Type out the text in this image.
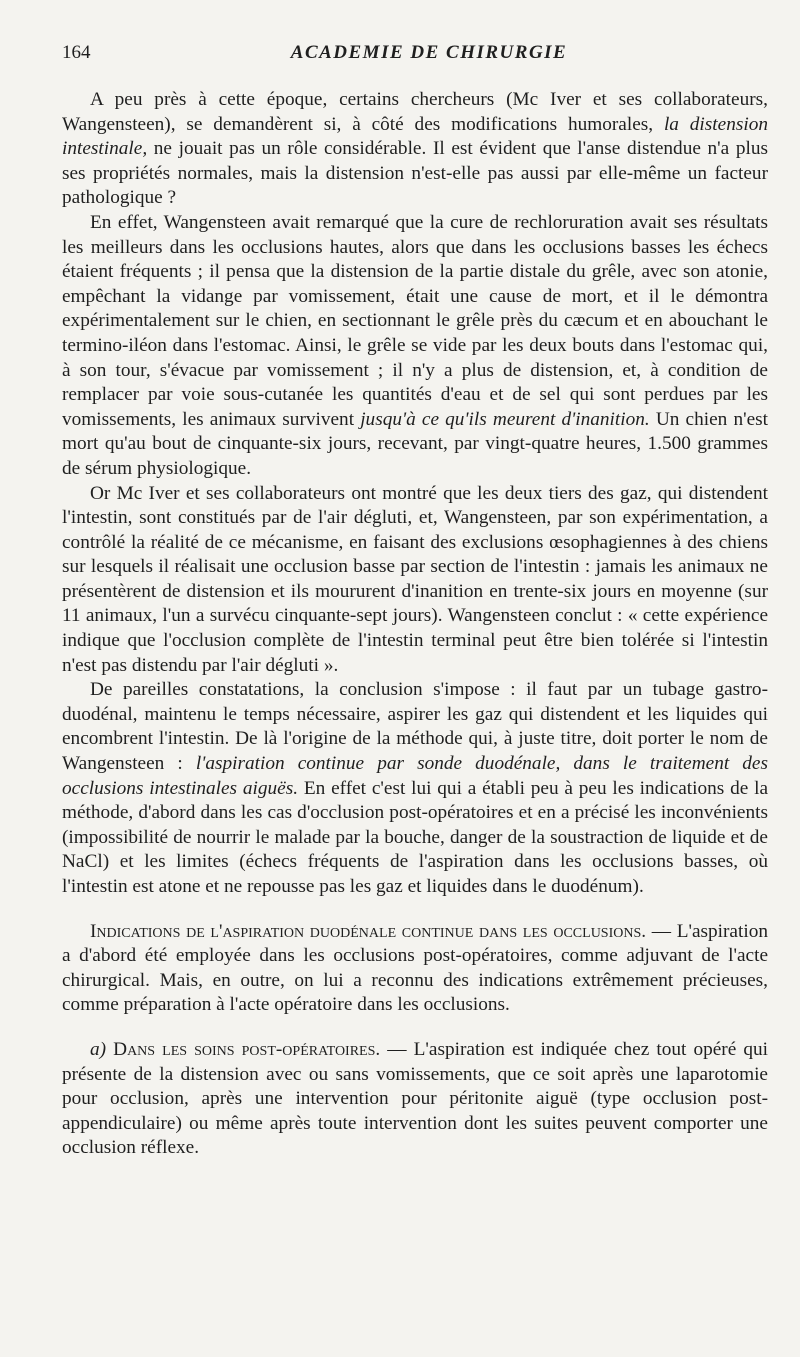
164	ACADEMIE DE CHIRURGIE

A peu près à cette époque, certains chercheurs (Mc Iver et ses collaborateurs, Wangensteen), se demandèrent si, à côté des modifications humorales, la distension intestinale, ne jouait pas un rôle considérable. Il est évident que l'anse distendue n'a plus ses propriétés normales, mais la distension n'est-elle pas aussi par elle-même un facteur pathologique ?

En effet, Wangensteen avait remarqué que la cure de rechloruration avait ses résultats les meilleurs dans les occlusions hautes, alors que dans les occlusions basses les échecs étaient fréquents ; il pensa que la distension de la partie distale du grêle, avec son atonie, empêchant la vidange par vomissement, était une cause de mort, et il le démontra expérimentalement sur le chien, en sectionnant le grêle près du cæcum et en abouchant le termino-iléon dans l'estomac. Ainsi, le grêle se vide par les deux bouts dans l'estomac qui, à son tour, s'évacue par vomissement ; il n'y a plus de distension, et, à condition de remplacer par voie sous-cutanée les quantités d'eau et de sel qui sont perdues par les vomissements, les animaux survivent jusqu'à ce qu'ils meurent d'inanition. Un chien n'est mort qu'au bout de cinquante-six jours, recevant, par vingt-quatre heures, 1.500 grammes de sérum physiologique.

Or Mc Iver et ses collaborateurs ont montré que les deux tiers des gaz, qui distendent l'intestin, sont constitués par de l'air dégluti, et, Wangensteen, par son expérimentation, a contrôlé la réalité de ce mécanisme, en faisant des exclusions œsophagiennes à des chiens sur lesquels il réalisait une occlusion basse par section de l'intestin : jamais les animaux ne présentèrent de distension et ils moururent d'inanition en trente-six jours en moyenne (sur 11 animaux, l'un a survécu cinquante-sept jours). Wangensteen conclut : « cette expérience indique que l'occlusion complète de l'intestin terminal peut être bien tolérée si l'intestin n'est pas distendu par l'air dégluti ».

De pareilles constatations, la conclusion s'impose : il faut par un tubage gastro-duodénal, maintenu le temps nécessaire, aspirer les gaz qui distendent et les liquides qui encombrent l'intestin. De là l'origine de la méthode qui, à juste titre, doit porter le nom de Wangensteen : l'aspiration continue par sonde duodénale, dans le traitement des occlusions intestinales aiguës. En effet c'est lui qui a établi peu à peu les indications de la méthode, d'abord dans les cas d'occlusion post-opératoires et en a précisé les inconvénients (impossibilité de nourrir le malade par la bouche, danger de la soustraction de liquide et de NaCl) et les limites (échecs fréquents de l'aspiration dans les occlusions basses, où l'intestin est atone et ne repousse pas les gaz et liquides dans le duodénum).

Indications de l'aspiration duodénale continue dans les occlusions. — L'aspiration a d'abord été employée dans les occlusions post-opératoires, comme adjuvant de l'acte chirurgical. Mais, en outre, on lui a reconnu des indications extrêmement précieuses, comme préparation à l'acte opératoire dans les occlusions.

a) Dans les soins post-opératoires. — L'aspiration est indiquée chez tout opéré qui présente de la distension avec ou sans vomissements, que ce soit après une laparotomie pour occlusion, après une intervention pour péritonite aiguë (type occlusion post-appendiculaire) ou même après toute intervention dont les suites peuvent comporter une occlusion réflexe.
